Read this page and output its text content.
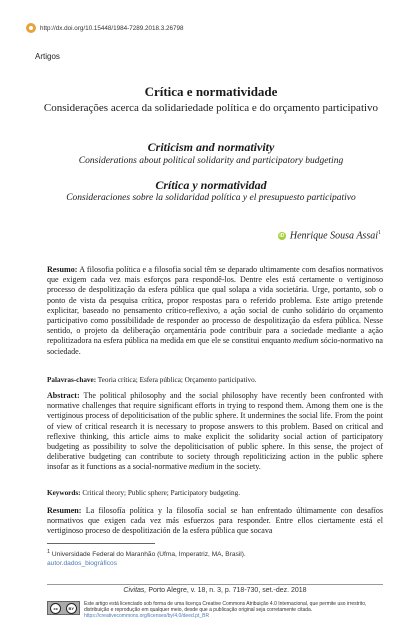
http://dx.doi.org/10.15448/1984-7289.2018.3.26798
Artigos
Crítica e normatividade
Considerações acerca da solidariedade política e do orçamento participativo
Criticism and normativity
Considerations about political solidarity and participatory budgeting
Crítica y normatividad
Consideraciones sobre la solidaridad política y el presupuesto participativo
iD Henrique Sousa Assai$^1$
Resumo: A filosofia política e a filosofia social têm se deparado ultimamente com desafios normativos que exigem cada vez mais esforços para respondê-los. Dentre eles está certamente o vertiginoso processo de despolitização da esfera pública que qual solapa a vida societária. Urge, portanto, sob o ponto de vista da pesquisa crítica, propor respostas para o referido problema. Este artigo pretende explicitar, baseado no pensamento crítico-reflexivo, a ação social de cunho solidário do orçamento participativo como possibilidade de responder ao processo de despolitização da esfera pública. Nesse sentido, o projeto da deliberação orçamentária pode contribuir para a sociedade mediante a ação repolitizadora na esfera pública na medida em que ele se constitui enquanto medium sócio-normativo na sociedade.
Palavras-chave: Teoria crítica; Esfera pública; Orçamento participativo.
Abstract: The political philosophy and the social philosophy have recently been confronted with normative challenges that require significant efforts in trying to respond them. Among them one is the vertiginous process of depoliticisation of the public sphere. It undermines the social life. From the point of view of critical research it is necessary to propose answers to this problem. Based on critical and reflexive thinking, this article aims to make explicit the solidarity social action of participatory budgeting as possibility to solve the depoliticisation of public sphere. In this sense, the project of deliberative budgeting can contribute to society through repoliticizing action in the public sphere insofar as it functions as a social-normative medium in the society.
Keywords: Critical theory; Public sphere; Participatory budgeting.
Resumen: La filosofía política y la filosofía social se han enfrentado últimamente con desafíos normativos que exigen cada vez más esfuerzos para responder. Entre ellos ciertamente está el vertiginoso proceso de despolitización de la esfera pública que socava
$^1$ Universidade Federal do Maranhão (Ufma, Imperatriz, MA, Brasil).
autor.dados_biográficos
Civitas, Porto Alegre, v. 18, n. 3, p. 718-730, set.-dez. 2018
cc	BY
Este artigo está licenciado sob forma de uma licença Creative Commons Atribuição 4.0 Internacional, que permite uso irrestrito, distribuição e reprodução em qualquer meio, desde que a publicação original seja corretamente citada. https://creativecommons.org/licenses/by/4.0/deed.pt_BR
